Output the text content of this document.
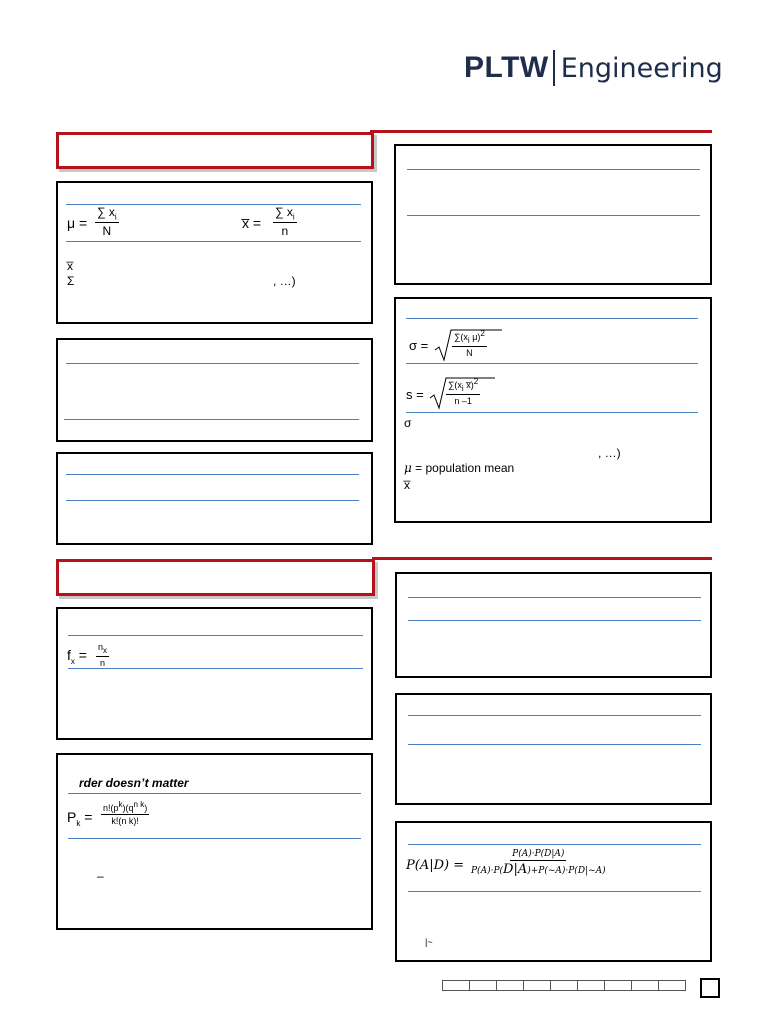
PLTW Engineering
$\mu = \frac{\sum x_i}{N}$	x̅ = $\frac{\sum x_i}{n}$
x̅
Σ	, …)
σ =	$\frac{\text{∑(xi μ)2}}{N}$
$s = \frac{\text{∑(xi x̅)2}}{n -1}$
σ
, …)
μ = population mean
x̅
$f_x = \frac{nx}{n}$
rder doesn’t matter
$P_k = \frac{\text{n!(pk)(qn k)}}{\text{k!(n k)!}}$
–
$P(A|D) = \frac{P(A)\cdot P(D|A)}{P(A)\cdot P(D|A)+P(\sim A)\cdot P(D|\sim A)}$
|~
